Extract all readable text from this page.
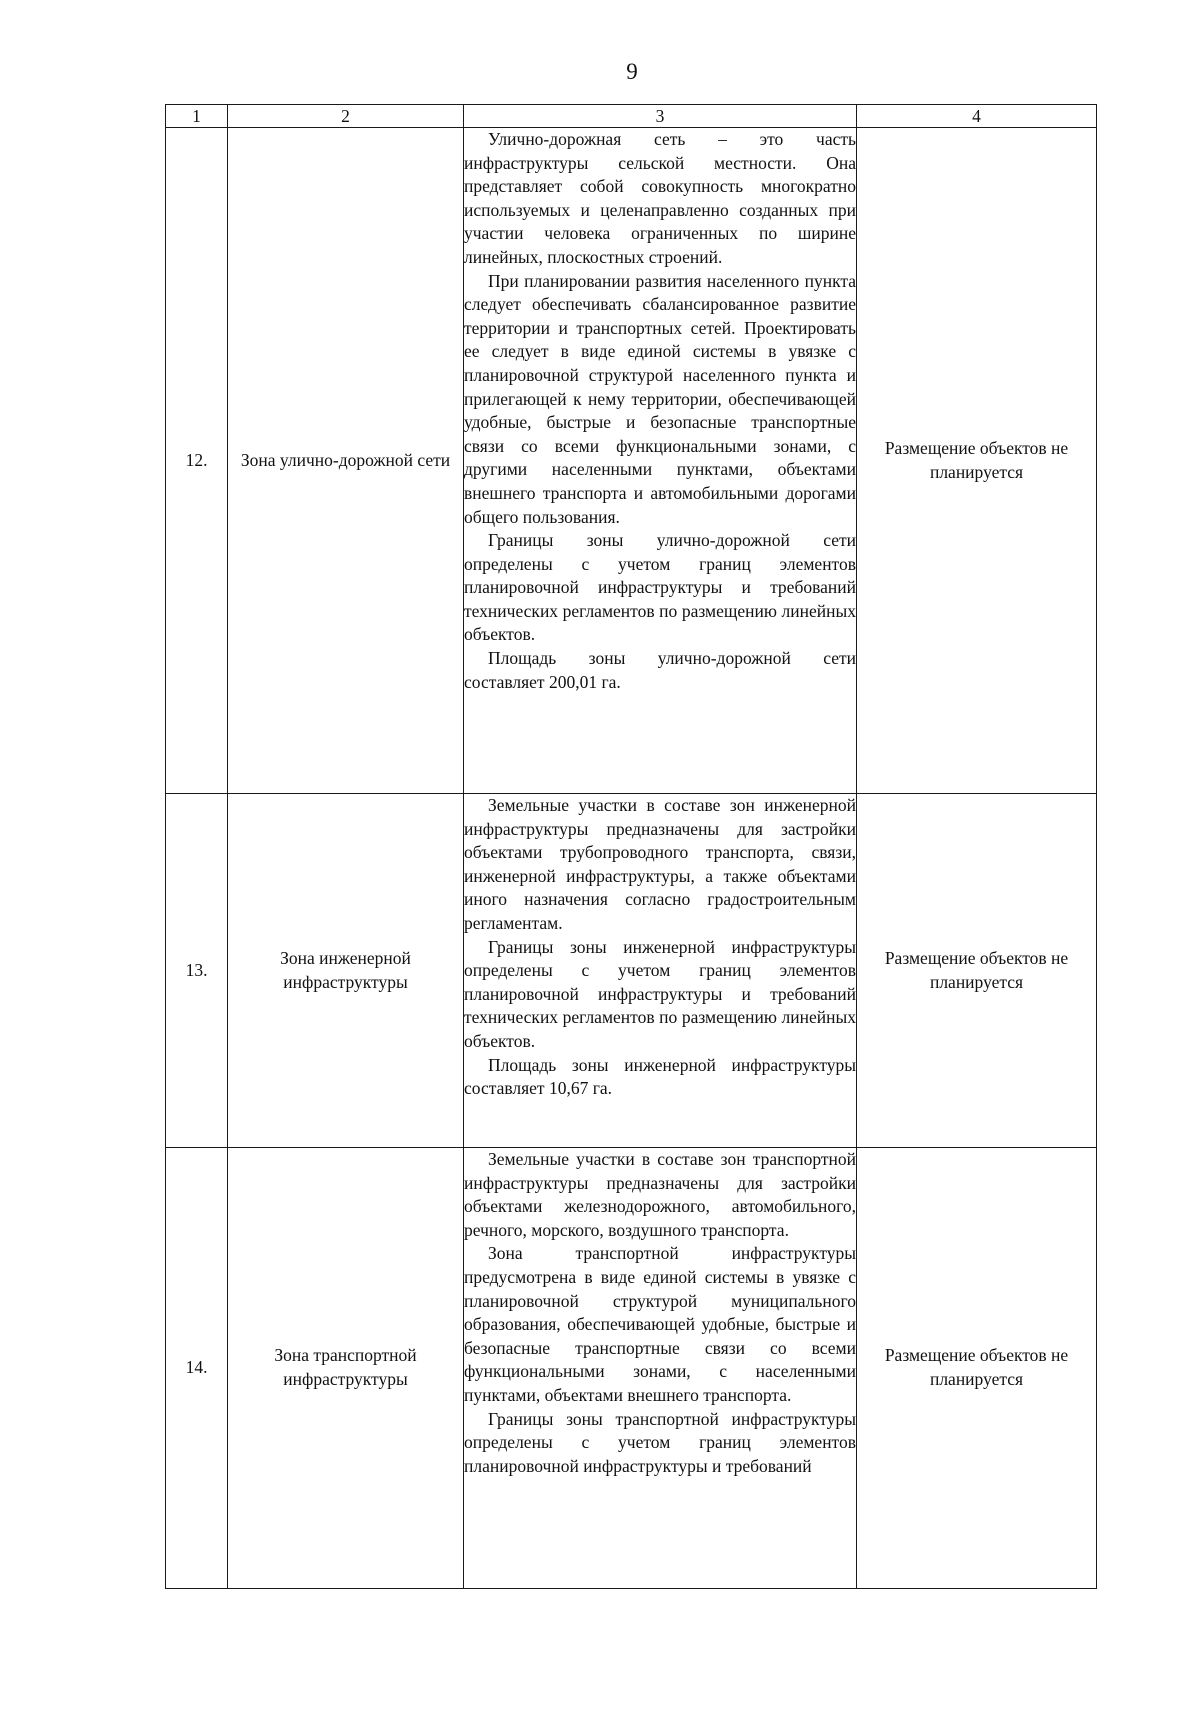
9
1	2	3	4
12.	Зона улично-дорожной сети	Улично-дорожная сеть – это часть инфраструктуры сельской местности. Она представляет собой совокупность многократно используемых и целенаправленно созданных при участии человека ограниченных по ширине линейных, плоскостных строений.

При планировании развития населенного пункта следует обеспечивать сбалансированное развитие территории и транспортных сетей. Проектировать ее следует в виде единой системы в увязке с планировочной структурой населенного пункта и прилегающей к нему территории, обеспечивающей удобные, быстрые и безопасные транспортные связи со всеми функциональными зонами, с другими населенными пунктами, объектами внешнего транспорта и автомобильными дорогами общего пользования.

Границы зоны улично-дорожной сети определены с учетом границ элементов планировочной инфраструктуры и требований технических регламентов по размещению линейных объектов.

Площадь зоны улично-дорожной сети составляет 200,01 га.	Размещение объектов не планируется
13.	Зона инженерной инфраструктуры	Земельные участки в составе зон инженерной инфраструктуры предназначены для застройки объектами трубопроводного транспорта, связи, инженерной инфраструктуры, а также объектами иного назначения согласно градостроительным регламентам.

Границы зоны инженерной инфраструктуры определены с учетом границ элементов планировочной инфраструктуры и требований технических регламентов по размещению линейных объектов.

Площадь зоны инженерной инфраструктуры составляет 10,67 га.	Размещение объектов не планируется
14.	Зона транспортной инфраструктуры	Земельные участки в составе зон транспортной инфраструктуры предназначены для застройки объектами железнодорожного, автомобильного, речного, морского, воздушного транспорта.

Зона транспортной инфраструктуры предусмотрена в виде единой системы в увязке с планировочной структурой муниципального образования, обеспечивающей удобные, быстрые и безопасные транспортные связи со всеми функциональными зонами, с населенными пунктами, объектами внешнего транспорта.

Границы зоны транспортной инфраструктуры определены с учетом границ элементов планировочной инфраструктуры и требований	Размещение объектов не планируется
